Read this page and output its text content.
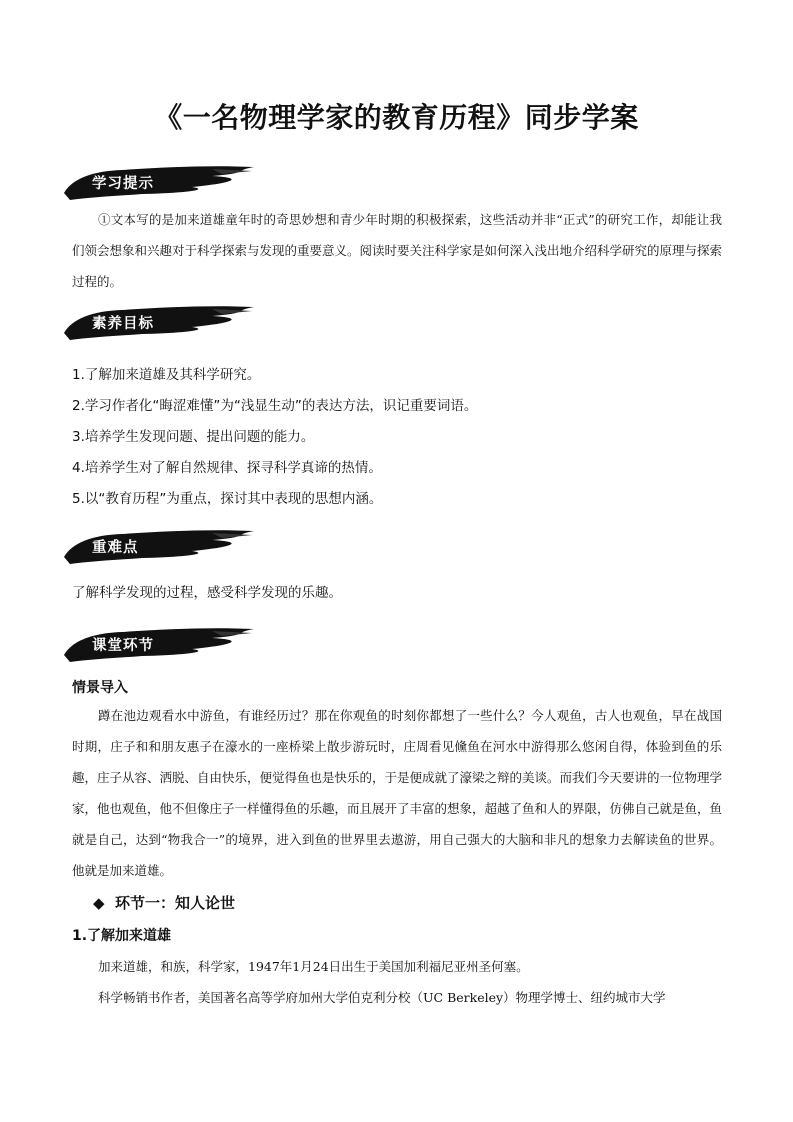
《一名物理学家的教育历程》同步学案
学习提示
①文本写的是加来道雄童年时的奇思妙想和青少年时期的积极探索，这些活动并非“正式”的研究工作，却能让我们领会想象和兴趣对于科学探索与发现的重要意义。阅读时要关注科学家是如何深入浅出地介绍科学研究的原理与探索过程的。
素养目标
1.了解加来道雄及其科学研究。
2.学习作者化“晦涩难懂”为“浅显生动”的表达方法，识记重要词语。
3.培养学生发现问题、提出问题的能力。
4.培养学生对了解自然规律、探寻科学真谛的热情。
5.以“教育历程”为重点，探讨其中表现的思想内涵。
重难点
了解科学发现的过程，感受科学发现的乐趣。
课堂环节
情景导入
蹲在池边观看水中游鱼，有谁经历过？那在你观鱼的时刻你都想了一些什么？今人观鱼，古人也观鱼，早在战国时期，庄子和和朋友惠子在濠水的一座桥梁上散步游玩时，庄周看见儵鱼在河水中游得那么悠闲自得，体验到鱼的乐趣，庄子从容、洒脱、自由快乐，便觉得鱼也是快乐的，于是便成就了濠梁之辩的美谈。而我们今天要讲的一位物理学家，他也观鱼，他不但像庄子一样懂得鱼的乐趣，而且展开了丰富的想象，超越了鱼和人的界限，仿佛自己就是鱼，鱼就是自己，达到“物我合一”的境界，进入到鱼的世界里去遨游，用自己强大的大脑和非凡的想象力去解读鱼的世界。他就是加来道雄。
◆ 环节一：知人论世
1.了解加来道雄
加来道雄，和族，科学家，1947年1月24日出生于美国加利福尼亚州圣何塞。
科学畅销书作者，美国著名高等学府加州大学伯克利分校（UC Berkeley）物理学博士、纽约城市大学
